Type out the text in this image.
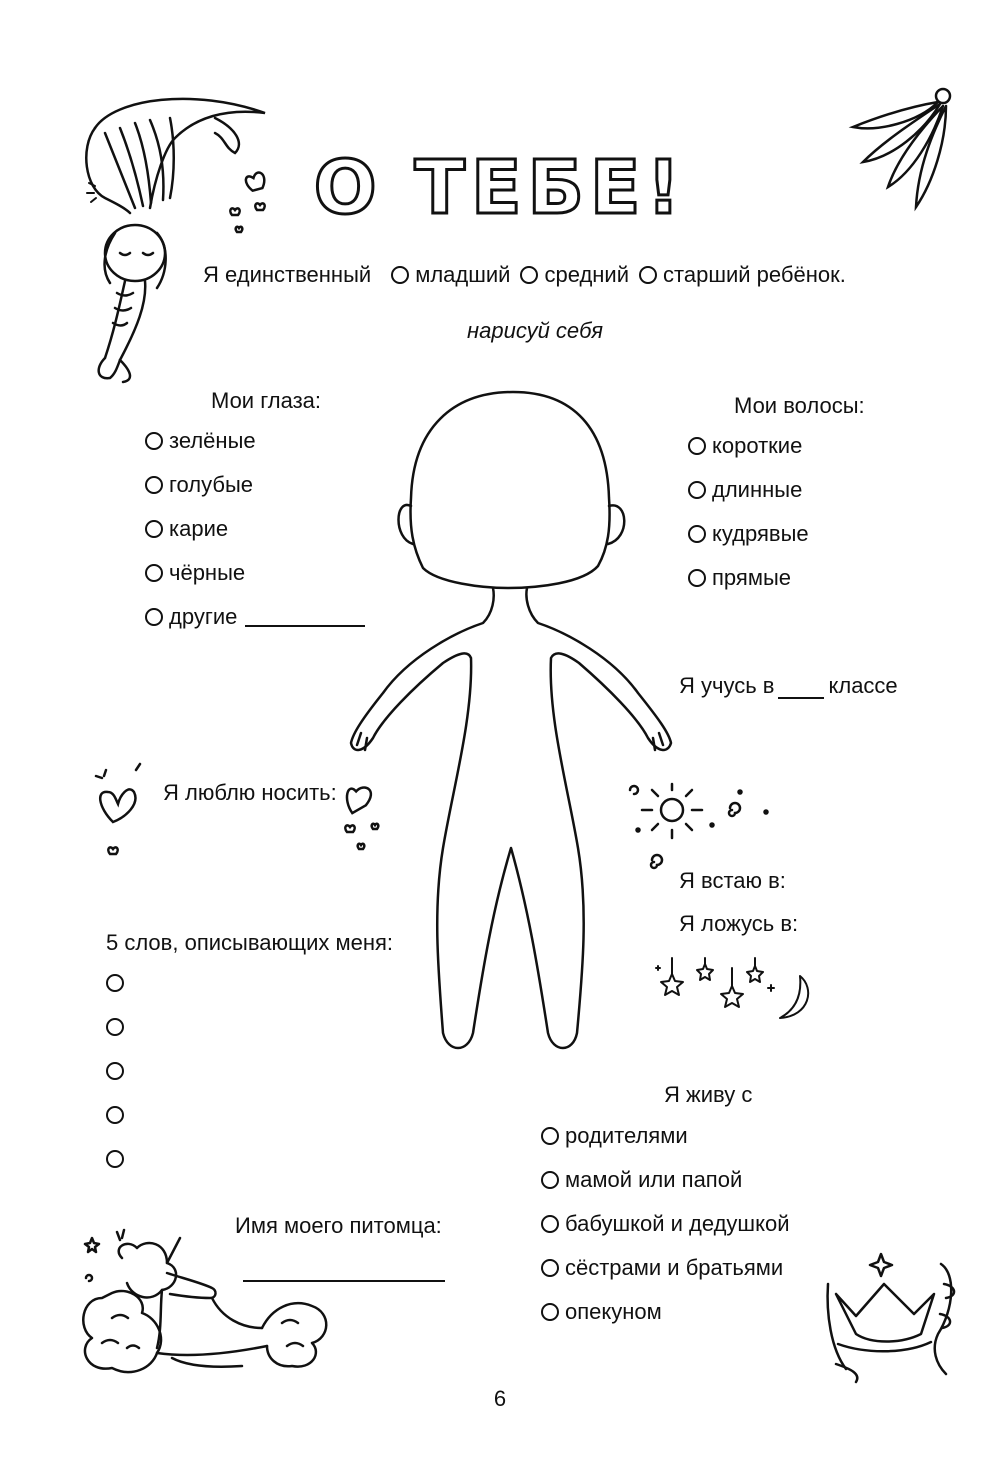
О ТЕБЕ!
Я единственный младший средний старший ребёнок.
нарисуй себя
Мои глаза:
зелёные
голубые
карие
чёрные
другие
Мои волосы:
короткие
длинные
кудрявые
прямые
Я учусь в классе
Я люблю носить:
Я встаю в:
Я ложусь в:
5 слов, описывающих меня:
Я живу с
родителями
мамой или папой
бабушкой и дедушкой
сёстрами и братьями
опекуном
Имя моего питомца:
6
